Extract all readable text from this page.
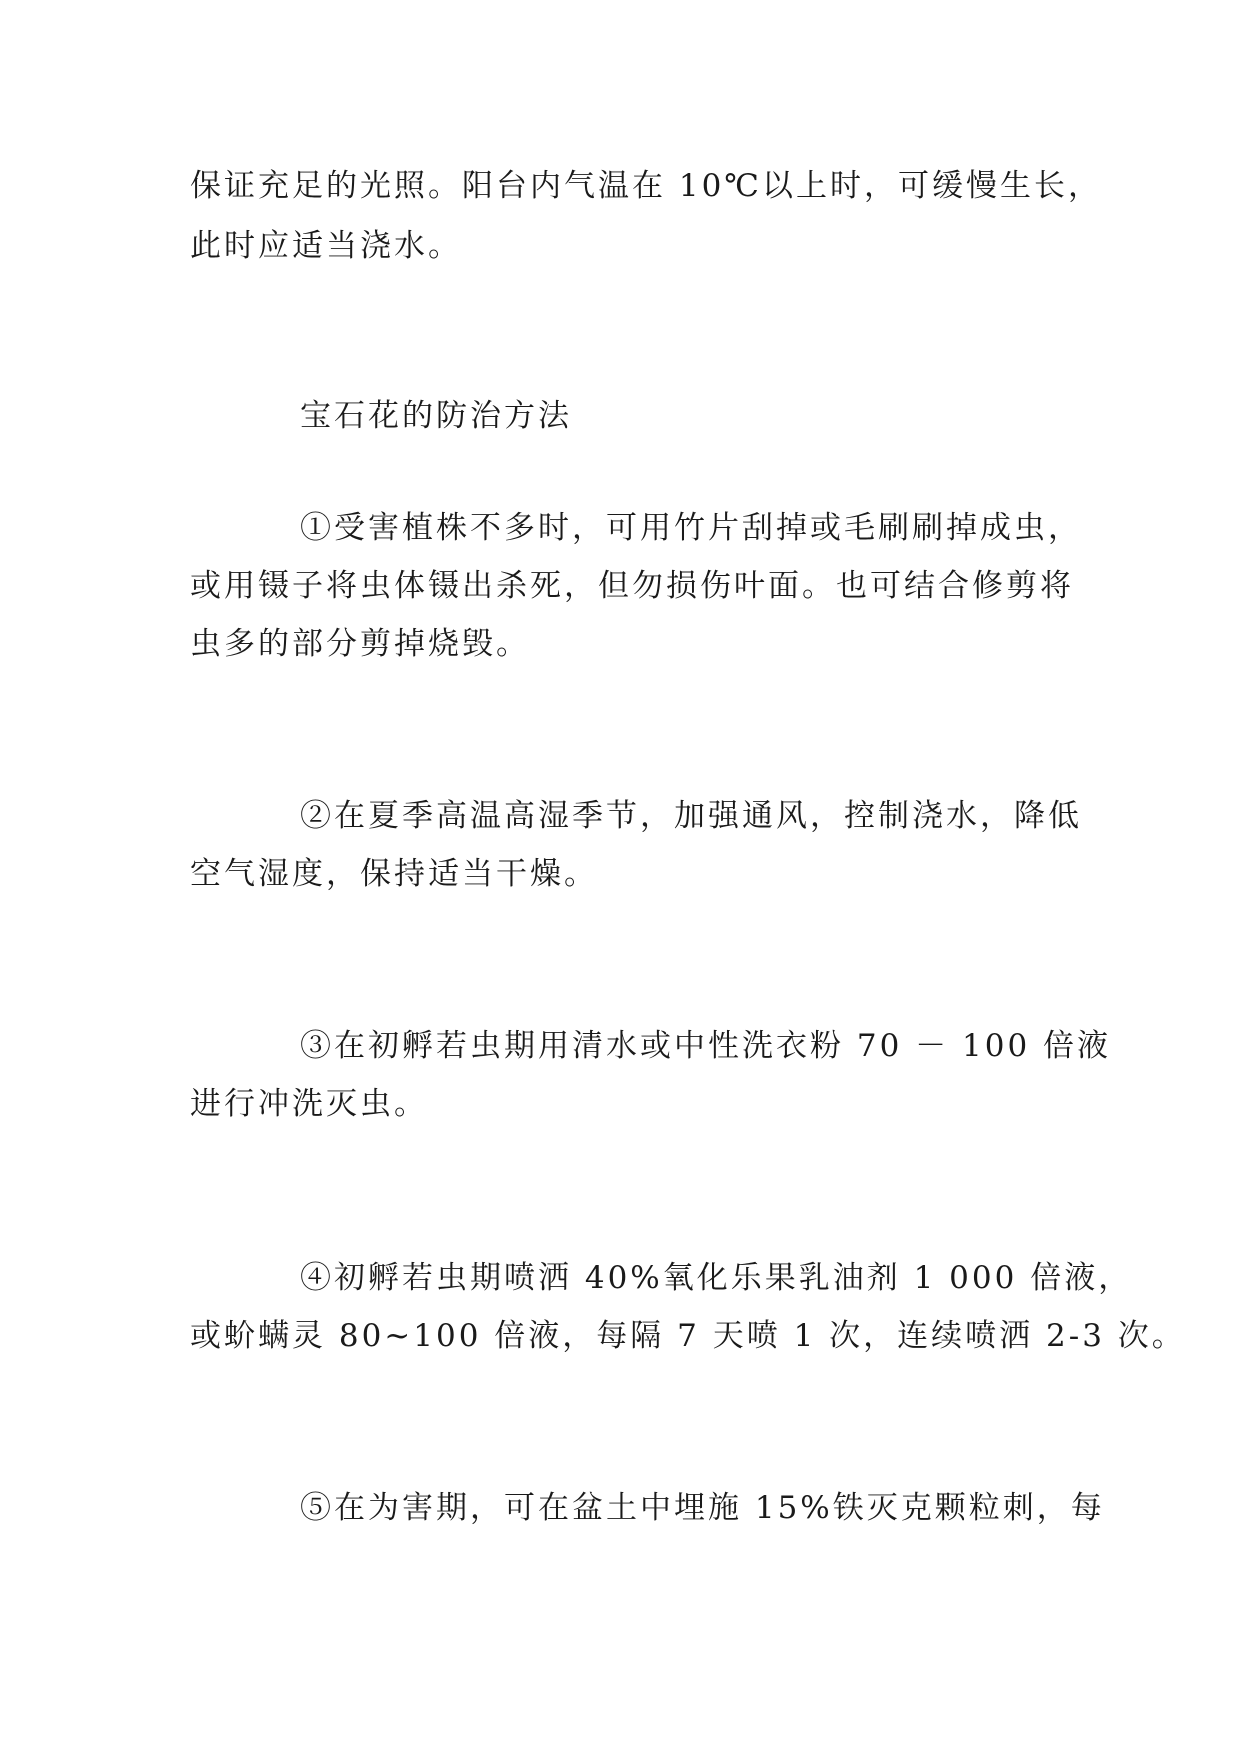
保证充足的光照。阳台内气温在 10℃以上时，可缓慢生长，

此时应适当浇水。

宝石花的防治方法

①受害植株不多时，可用竹片刮掉或毛刷刷掉成虫，

或用镊子将虫体镊出杀死，但勿损伤叶面。也可结合修剪将

虫多的部分剪掉烧毁。

②在夏季高温高湿季节，加强通风，控制浇水，降低

空气湿度，保持适当干燥。

③在初孵若虫期用清水或中性洗衣粉 70 － 100 倍液

进行冲洗灭虫。

④初孵若虫期喷洒 40%氧化乐果乳油剂 1 000 倍液，

或蚧螨灵 80~100 倍液，每隔 7 天喷 1 次，连续喷洒 2-3 次。

⑤在为害期，可在盆土中埋施 15%铁灭克颗粒刺，每
